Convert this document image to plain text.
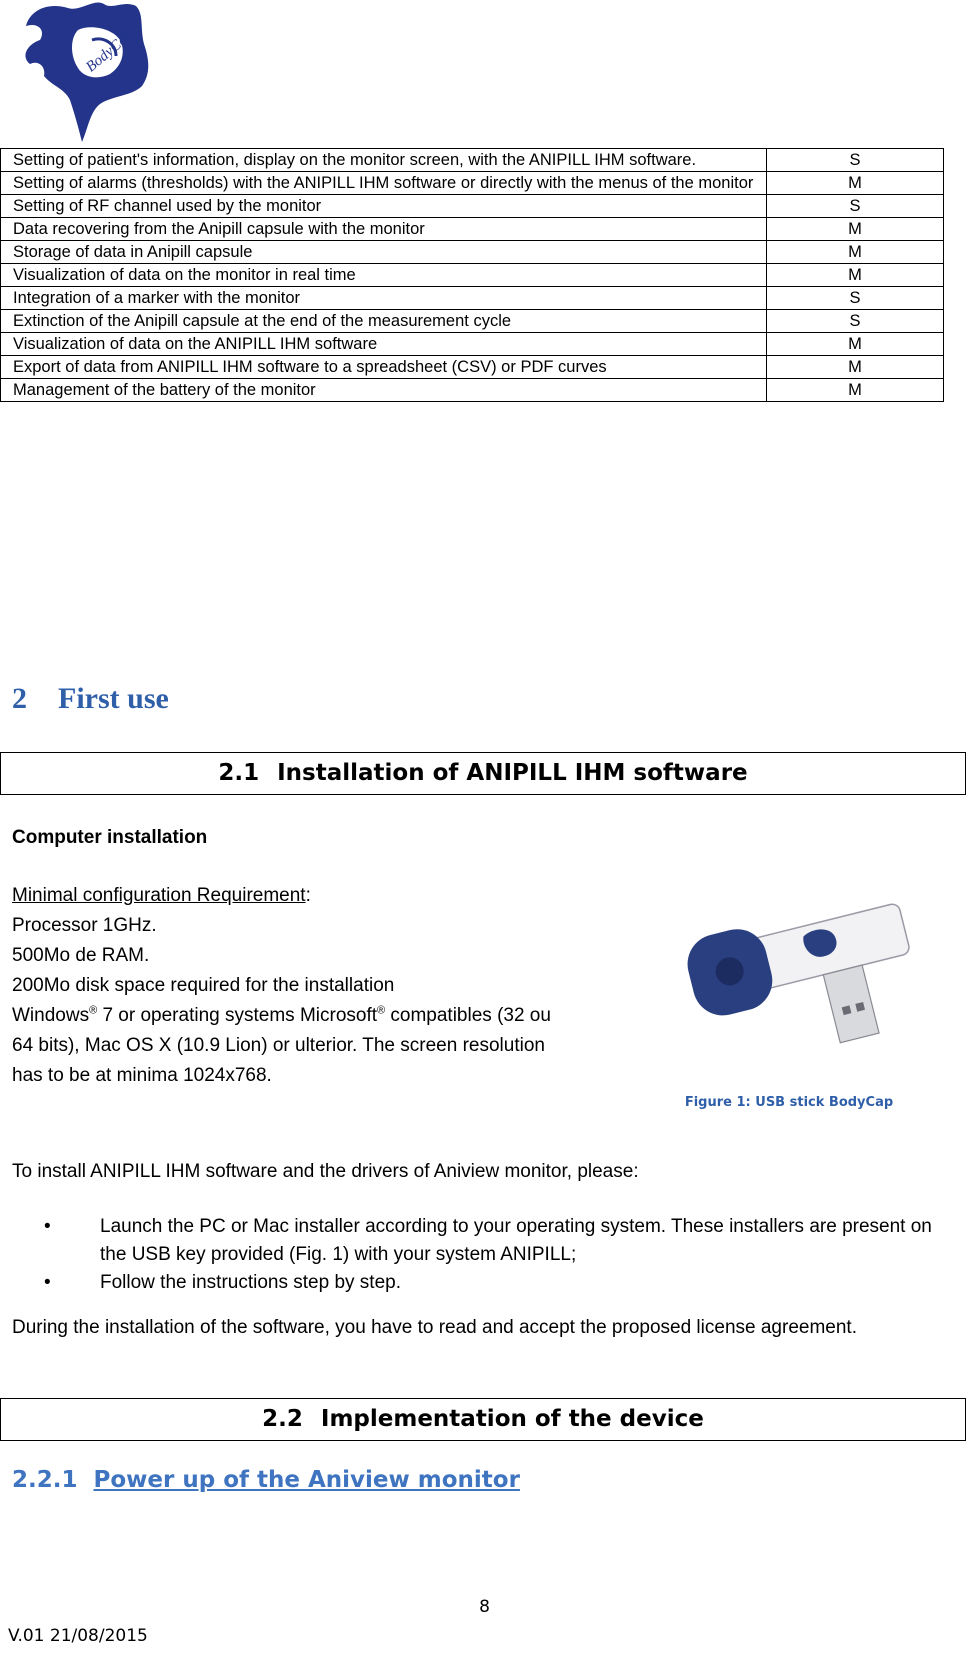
BodyCap
Setting of patient's information, display on the monitor screen, with the ANIPILL IHM software.	S
Setting of alarms (thresholds) with the ANIPILL IHM software or directly with the menus of the monitor	M
Setting of RF channel used by the monitor	S
Data recovering from the Anipill capsule with the monitor	M
Storage of data in Anipill capsule	M
Visualization of data on the monitor in real time	M
Integration of a marker with the monitor	S
Extinction of the Anipill capsule at the end of the measurement cycle	S
Visualization of data on the ANIPILL IHM software	M
Export of data from ANIPILL IHM software to a spreadsheet (CSV) or PDF curves	M
Management of the battery of the monitor	M
2 First use
2.1 Installation of ANIPILL IHM software
Computer installation
Minimal configuration Requirement:
Processor 1GHz.
500Mo de RAM.
200Mo disk space required for the installation
Windows® 7 or operating systems Microsoft® compatibles (32 ou
64 bits), Mac OS X (10.9 Lion) or ulterior. The screen resolution
has to be at minima 1024x768.
Figure 1: USB stick BodyCap
To install ANIPILL IHM software and the drivers of Aniview monitor, please:
•	Launch the PC or Mac installer according to your operating system. These installers are present on the USB key provided (Fig. 1) with your system ANIPILL;
•	Follow the instructions step by step.
During the installation of the software, you have to read and accept the proposed license agreement.
2.2 Implementation of the device
2.2.1 Power up of the Aniview monitor
8
V.01 21/08/2015
